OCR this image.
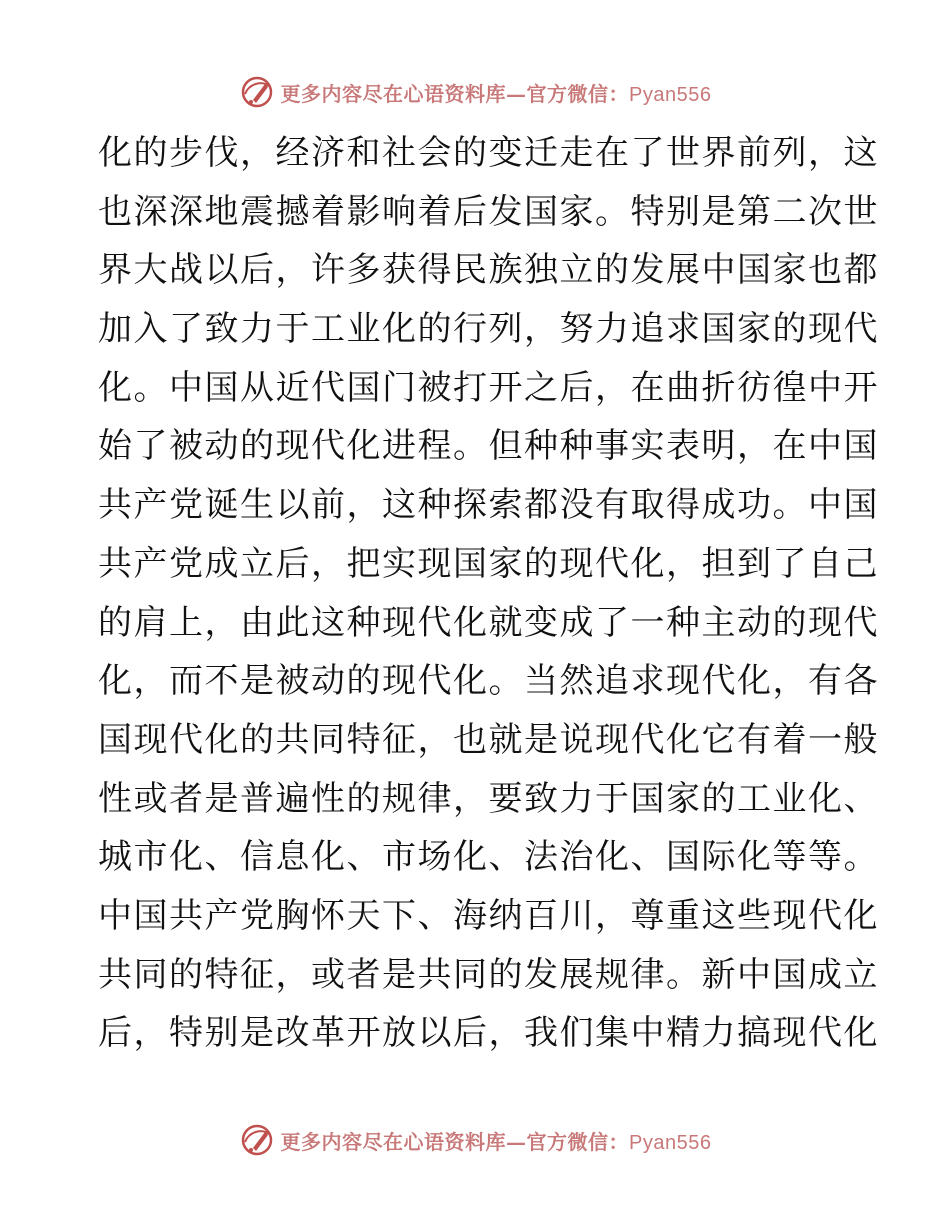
更多内容尽在心语资料库—官方微信：Pyan556
化的步伐，经济和社会的变迁走在了世界前列，这
也深深地震撼着影响着后发国家。特别是第二次世
界大战以后，许多获得民族独立的发展中国家也都
加入了致力于工业化的行列，努力追求国家的现代
化。中国从近代国门被打开之后，在曲折彷徨中开
始了被动的现代化进程。但种种事实表明，在中国
共产党诞生以前，这种探索都没有取得成功。中国
共产党成立后，把实现国家的现代化，担到了自己
的肩上，由此这种现代化就变成了一种主动的现代
化，而不是被动的现代化。当然追求现代化，有各
国现代化的共同特征，也就是说现代化它有着一般
性或者是普遍性的规律，要致力于国家的工业化、
城市化、信息化、市场化、法治化、国际化等等。
中国共产党胸怀天下、海纳百川，尊重这些现代化
共同的特征，或者是共同的发展规律。新中国成立
后，特别是改革开放以后，我们集中精力搞现代化
更多内容尽在心语资料库—官方微信：Pyan556
